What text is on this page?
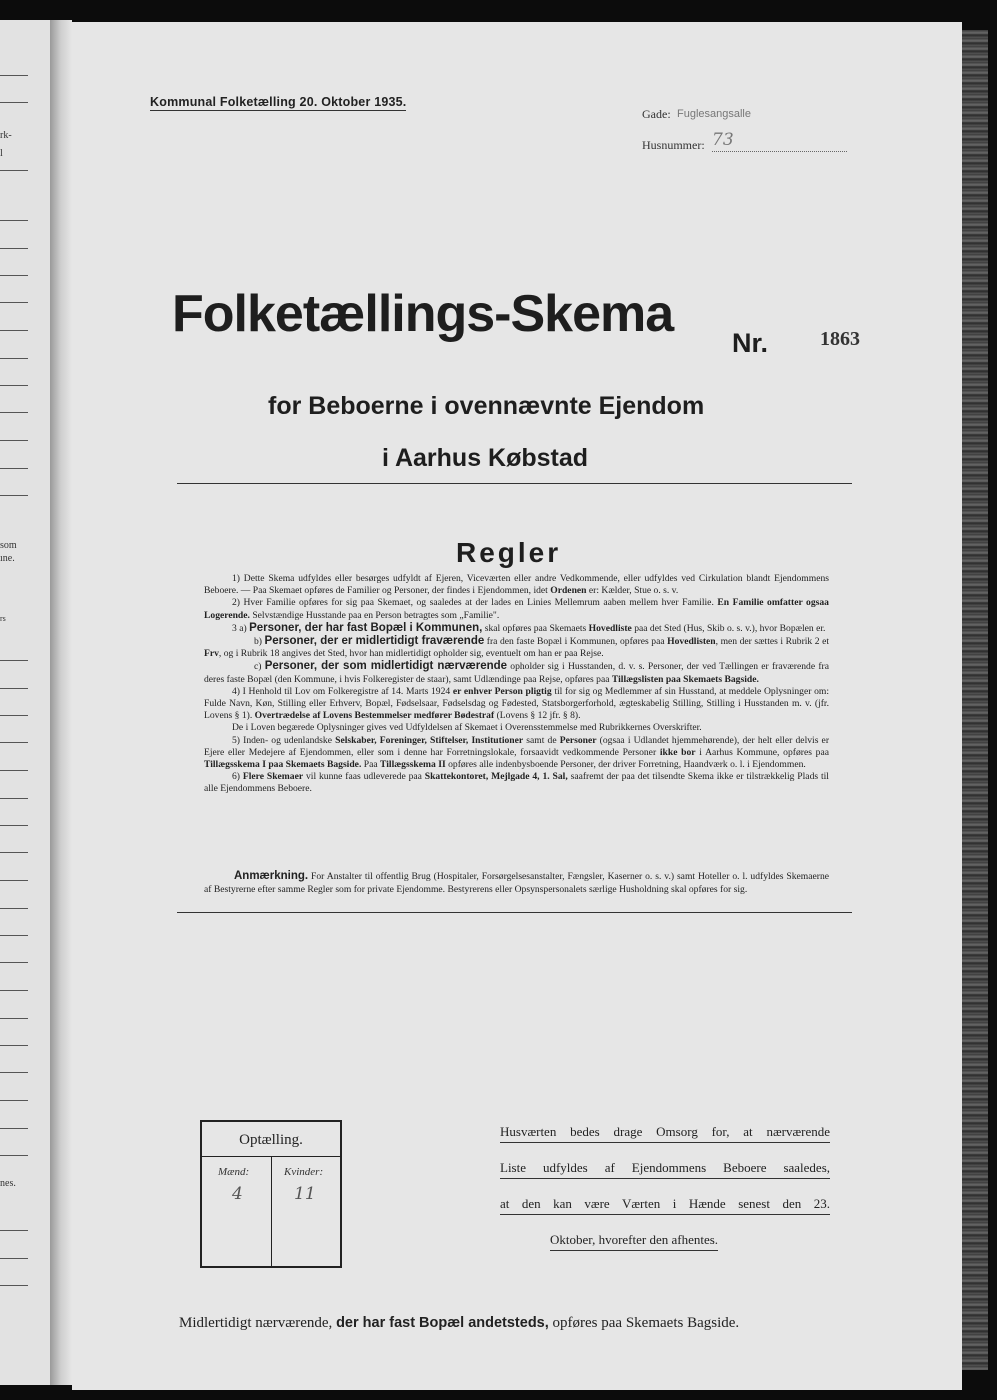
rk-
l
som
ıne.
rs
nes.
Kommunal Folketælling 20. Oktober 1935.
Gade: Fuglesangsalle
Husnummer: 73
Folketællings-Skema Nr.	1863
for Beboerne i ovennævnte Ejendom
i Aarhus Købstad
Regler

1) Dette Skema udfyldes eller besørges udfyldt af Ejeren, Viceværten eller andre Vedkommende, eller udfyldes ved Cirkulation blandt Ejendommens Beboere. — Paa Skemaet opføres de Familier og Personer, der findes i Ejendommen, idet Ordenen er: Kælder, Stue o. s. v.

2) Hver Familie opføres for sig paa Skemaet, og saaledes at der lades en Linies Mellemrum aaben mellem hver Familie. En Familie omfatter ogsaa Logerende. Selvstændige Husstande paa en Person betragtes som „Familie".

3 a) Personer, der har fast Bopæl i Kommunen, skal opføres paa Skemaets Hovedliste paa det Sted (Hus, Skib o. s. v.), hvor Bopælen er.

b) Personer, der er midlertidigt fraværende fra den faste Bopæl i Kommunen, opføres paa Hovedlisten, men der sættes i Rubrik 2 et Frv, og i Rubrik 18 angives det Sted, hvor han midlertidigt opholder sig, eventuelt om han er paa Rejse.

c) Personer, der som midlertidigt nærværende opholder sig i Husstanden, d. v. s. Personer, der ved Tællingen er fraværende fra deres faste Bopæl (den Kommune, i hvis Folkeregister de staar), samt Udlændinge paa Rejse, opføres paa Tillægslisten paa Skemaets Bagside.

4) I Henhold til Lov om Folkeregistre af 14. Marts 1924 er enhver Person pligtig til for sig og Medlemmer af sin Husstand, at meddele Oplysninger om: Fulde Navn, Køn, Stilling eller Erhverv, Bopæl, Fødselsaar, Fødselsdag og Fødested, Statsborgerforhold, ægteskabelig Stilling, Stilling i Husstanden m. v. (jfr. Lovens § 1). Overtrædelse af Lovens Bestemmelser medfører Bødestraf (Lovens § 12 jfr. § 8).

De i Loven begærede Oplysninger gives ved Udfyldelsen af Skemaet i Overensstemmelse med Rubrikkernes Overskrifter.

5) Inden- og udenlandske Selskaber, Foreninger, Stiftelser, Institutioner samt de Personer (ogsaa i Udlandet hjemmehørende), der helt eller delvis er Ejere eller Medejere af Ejendommen, eller som i denne har Forretningslokale, forsaavidt vedkommende Personer ikke bor i Aarhus Kommune, opføres paa Tillægsskema I paa Skemaets Bagside. Paa Tillægsskema II opføres alle indenbysboende Personer, der driver Forretning, Haandværk o. l. i Ejendommen.

6) Flere Skemaer vil kunne faas udleverede paa Skattekontoret, Mejlgade 4, 1. Sal, saafremt der paa det tilsendte Skema ikke er tilstrækkelig Plads til alle Ejendommens Beboere.

Anmærkning. For Anstalter til offentlig Brug (Hospitaler, Forsørgelsesanstalter, Fængsler, Kaserner o. s. v.) samt Hoteller o. l. udfyldes Skemaerne af Bestyrerne efter samme Regler som for private Ejendomme. Bestyrerens eller Opsynspersonalets særlige Husholdning skal opføres for sig.
Optælling.
Mænd:	Kvinder:
4	11
Husværten bedes drage Omsorg for, at nærværende
Liste udfyldes af Ejendommens Beboere saaledes,
at den kan være Værten i Hænde senest den 23.
Oktober, hvorefter den afhentes.
Midlertidigt nærværende, der har fast Bopæl andetsteds, opføres paa Skemaets Bagside.
